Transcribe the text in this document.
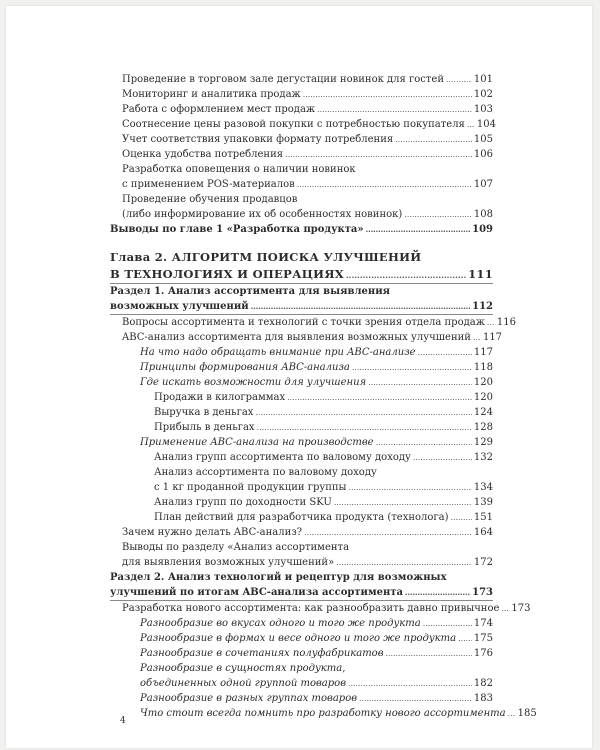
Проведение в торговом зале дегустации новинок для гостей .....	101
Мониторинг и аналитика продаж .....	102
Работа с оформлением мест продаж .....	103
Соотнесение цены разовой покупки с потребностью покупателя ..... 104
Учет соответствия упаковки формату потребления .....	105
Оценка удобства потребления .....	106
Разработка оповещения о наличии новинок
с применением POS-материалов .....	107
Проведение обучения продавцов
(либо информирование их об особенностях новинок) .....	108
Выводы по главе 1 «Разработка продукта» .....	109
Глава 2. АЛГОРИТМ ПОИСКА УЛУЧШЕНИЙ
В ТЕХНОЛОГИЯХ И ОПЕРАЦИЯХ .....	111
Раздел 1. Анализ ассортимента для выявления
возможных улучшений .....	112
Вопросы ассортимента и технологий с точки зрения отдела продаж ..... 116
ABC-анализ ассортимента для выявления возможных улучшений ..... 117
На что надо обращать внимание при ABC-анализе .....	117
Принципы формирования ABC-анализа .....	118
Где искать возможности для улучшения .....	120
Продажи в килограммах .....	120
Выручка в деньгах .....	124
Прибыль в деньгах .....	128
Применение ABC-анализа на производстве .....	129
Анализ групп ассортимента по валовому доходу .....	132
Анализ ассортимента по валовому доходу
с 1 кг проданной продукции группы .....	134
Анализ групп по доходности SKU .....	139
План действий для разработчика продукта (технолога) .....	151
Зачем нужно делать ABC-анализ? .....	164
Выводы по разделу «Анализ ассортимента
для выявления возможных улучшений» .....	172
Раздел 2. Анализ технологий и рецептур для возможных
улучшений по итогам ABC-анализа ассортимента .....	173
Разработка нового ассортимента: как разнообразить давно привычное ..... 173
Разнообразие во вкусах одного и того же продукта .....	174
Разнообразие в формах и весе одного и того же продукта ..... 175
Разнообразие в сочетаниях полуфабрикатов .....	176
Разнообразие в сущностях продукта,
объединенных одной группой товаров .....	182
Разнообразие в разных группах товаров .....	183
Что стоит всегда помнить про разработку нового ассортимента ..... 185
4
